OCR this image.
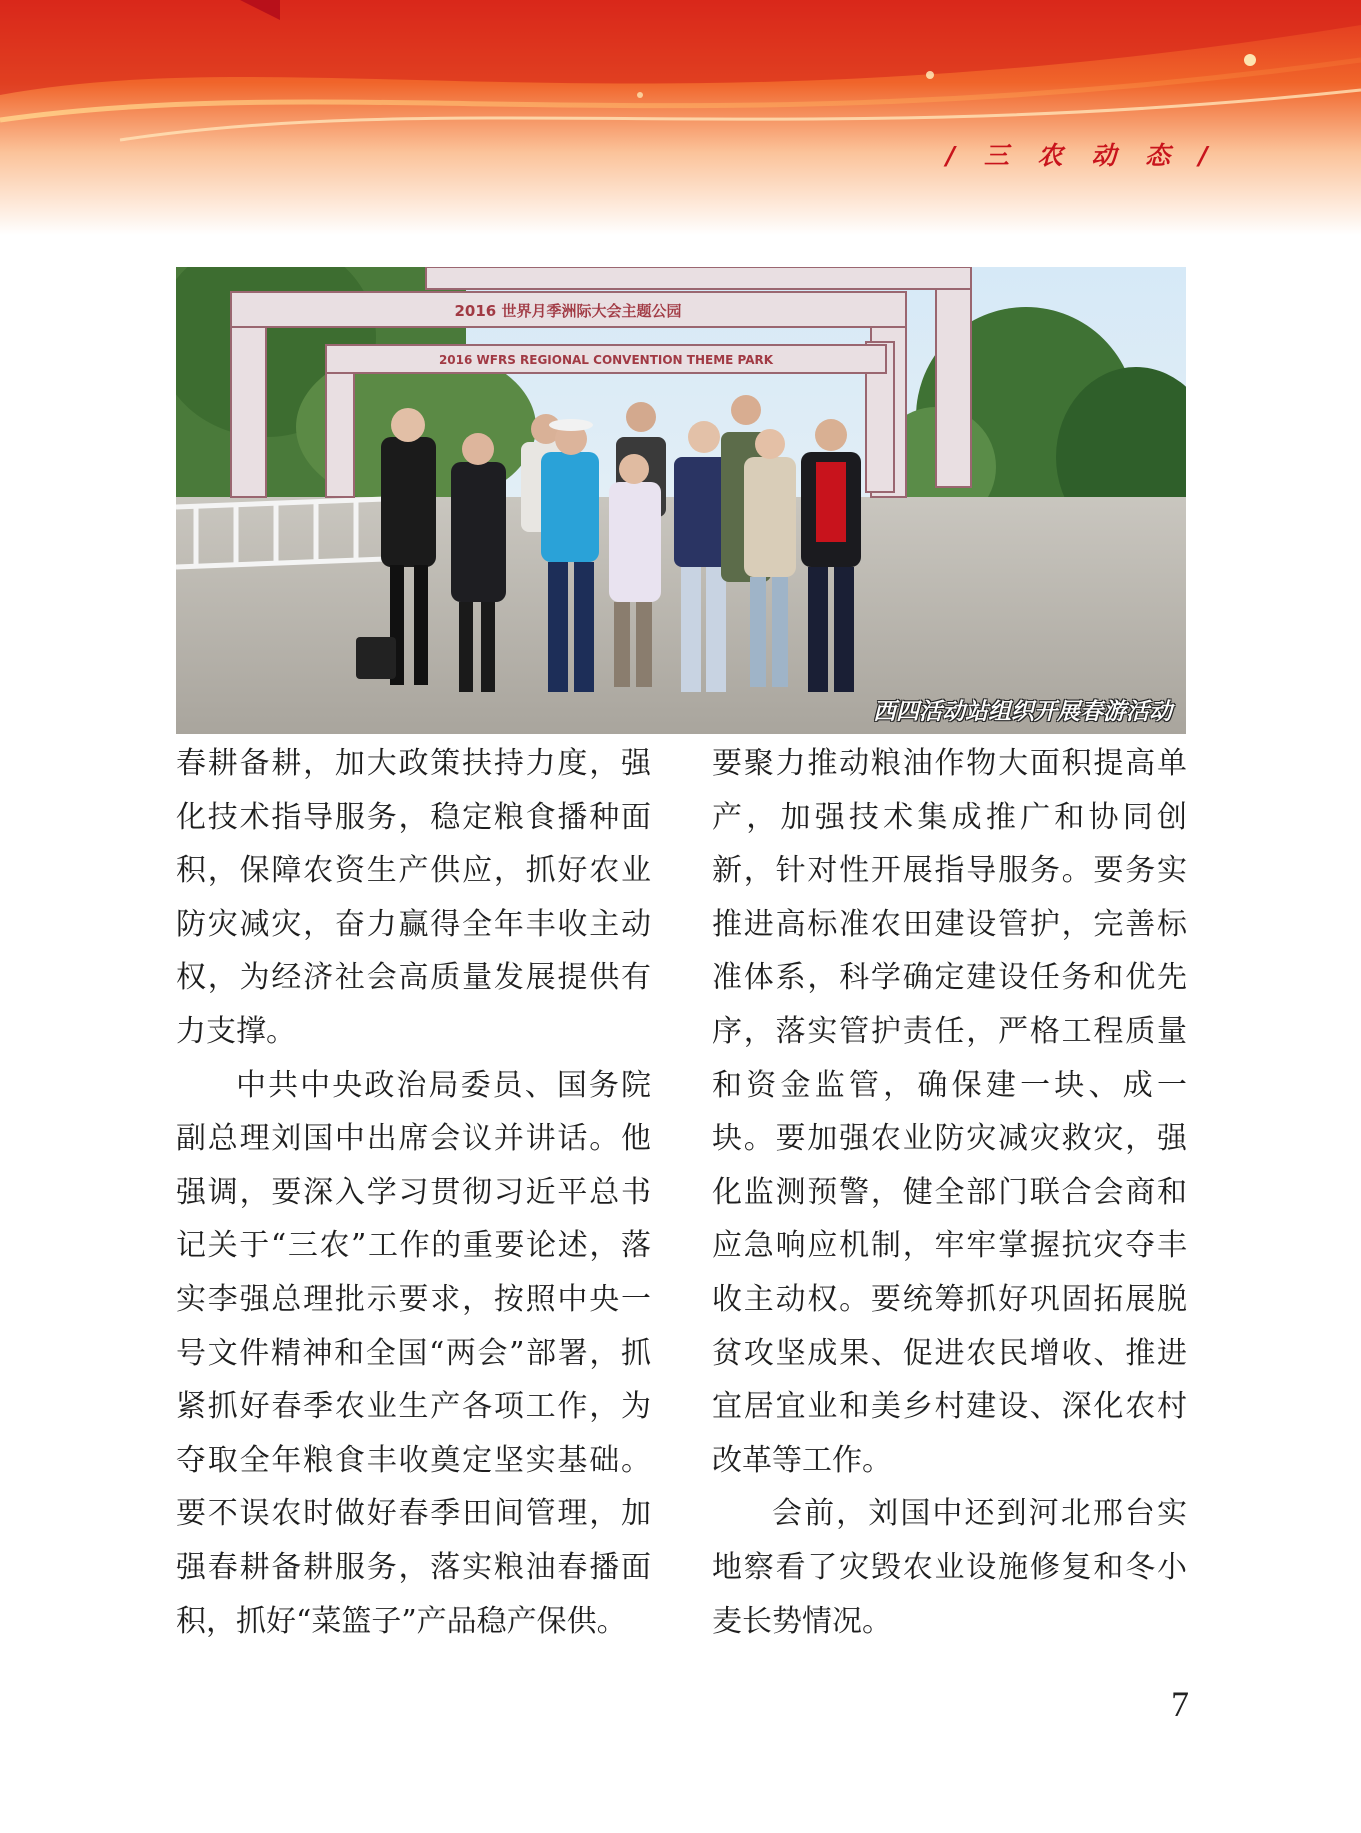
/ 三 农 动 态 /
2016 世界月季洲际大会主题公园
2016 WFRS REGIONAL CONVENTION THEME PARK
西四活动站组织开展春游活动

春耕备耕，加大政策扶持力度，强化技术指导服务，稳定粮食播种面积，保障农资生产供应，抓好农业防灾减灾，奋力赢得全年丰收主动权，为经济社会高质量发展提供有力支撑。

中共中央政治局委员、国务院副总理刘国中出席会议并讲话。他强调，要深入学习贯彻习近平总书记关于“三农”工作的重要论述，落实李强总理批示要求，按照中央一号文件精神和全国“两会”部署，抓紧抓好春季农业生产各项工作，为夺取全年粮食丰收奠定坚实基础。要不误农时做好春季田间管理，加强春耕备耕服务，落实粮油春播面积，抓好“菜篮子”产品稳产保供。

要聚力推动粮油作物大面积提高单产，加强技术集成推广和协同创新，针对性开展指导服务。要务实推进高标准农田建设管护，完善标准体系，科学确定建设任务和优先序，落实管护责任，严格工程质量和资金监管，确保建一块、成一块。要加强农业防灾减灾救灾，强化监测预警，健全部门联合会商和应急响应机制，牢牢掌握抗灾夺丰收主动权。要统筹抓好巩固拓展脱贫攻坚成果、促进农民增收、推进宜居宜业和美乡村建设、深化农村改革等工作。

会前，刘国中还到河北邢台实地察看了灾毁农业设施修复和冬小麦长势情况。

7
